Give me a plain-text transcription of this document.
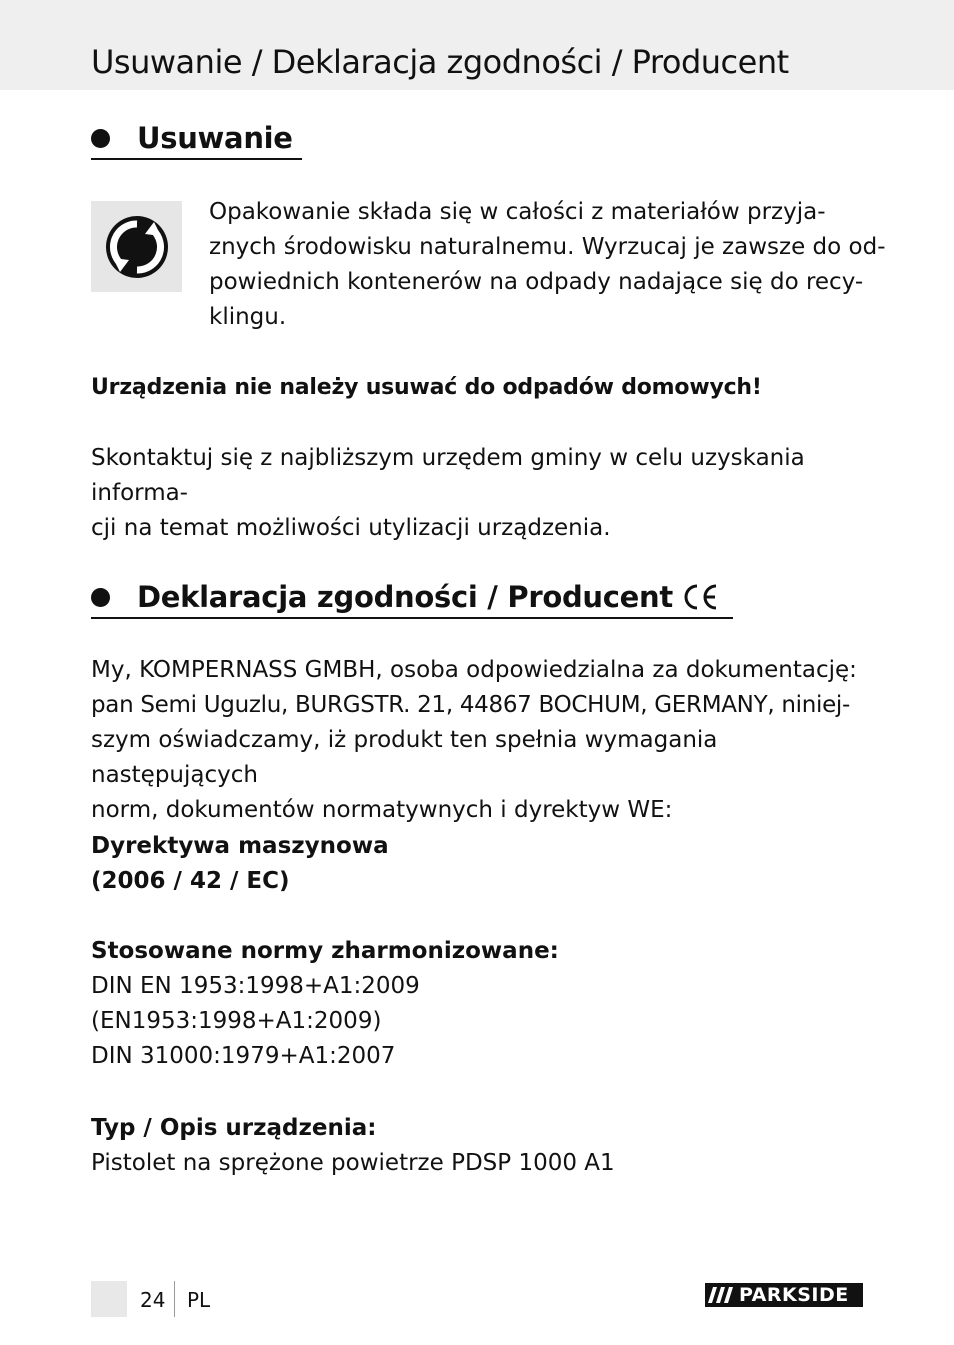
Usuwanie / Deklaracja zgodności / Producent
Usuwanie
Opakowanie składa się w całości z materiałów przyja-
znych środowisku naturalnemu. Wyrzucaj je zawsze do od-
powiednich kontenerów na odpady nadające się do recy-
klingu.
Urządzenia nie należy usuwać do odpadów domowych!
Skontaktuj się z najbliższym urzędem gminy w celu uzyskania informa-
cji na temat możliwości utylizacji urządzenia.
Deklaracja zgodności / Producent
My, KOMPERNASS GMBH, osoba odpowiedzialna za dokumentację:
pan Semi Uguzlu, BURGSTR. 21, 44867 BOCHUM, GERMANY, niniej-
szym oświadczamy, iż produkt ten spełnia wymagania następujących
norm, dokumentów normatywnych i dyrektyw WE:
Dyrektywa maszynowa
(2006 / 42 / EC)
Stosowane normy zharmonizowane:
DIN EN 1953:1998+A1:2009
(EN1953:1998+A1:2009)
DIN 31000:1979+A1:2007
Typ / Opis urządzenia:
Pistolet na sprężone powietrze PDSP 1000 A1
24 PL	PARKSIDE
